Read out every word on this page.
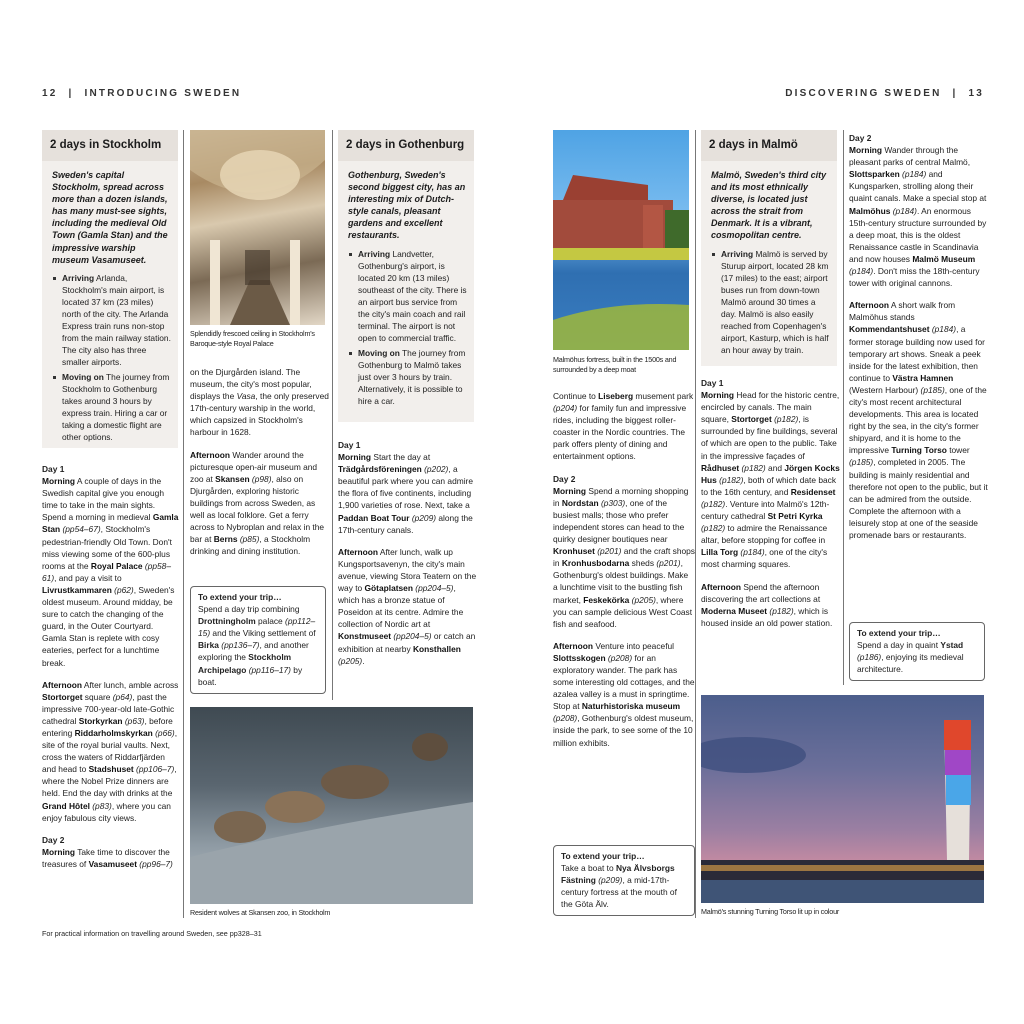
12 | INTRODUCING SWEDEN	DISCOVERING SWEDEN | 13
2 days in Stockholm
Sweden's capital Stockholm, spread across more than a dozen islands, has many must-see sights, including the medieval Old Town (Gamla Stan) and the impressive warship museum Vasamuseet.
Arriving Arlanda, Stockholm's main airport, is located 37 km (23 miles) north of the city. The Arlanda Express train runs non-stop from the main railway station. The city also has three smaller airports.
Moving on The journey from Stockholm to Gothenburg takes around 3 hours by express train. Hiring a car or taking a domestic flight are other options.

Day 1
Morning A couple of days in the Swedish capital give you enough time to take in the main sights. Spend a morning in medieval Gamla Stan (pp54–67), Stockholm's pedestrian-friendly Old Town. Don't miss viewing some of the 600-plus rooms at the Royal Palace (pp58–61), and pay a visit to Livrustkammaren (p62), Sweden's oldest museum. Around midday, be sure to catch the changing of the guard, in the Outer Courtyard. Gamla Stan is replete with cosy eateries, perfect for a lunchtime break.

Afternoon After lunch, amble across Stortorget square (p64), past the impressive 700-year-old late-Gothic cathedral Storkyrkan (p63), before entering Riddarholmskyrkan (p66), site of the royal burial vaults. Next, cross the waters of Riddarfjärden and head to Stadshuset (pp106–7), where the Nobel Prize dinners are held. End the day with drinks at the Grand Hôtel (p83), where you can enjoy fabulous city views.

Day 2
Morning Take time to discover the treasures of Vasamuseet (pp96–7)

Splendidly frescoed ceiling in Stockholm's Baroque-style Royal Palace

on the Djurgården island. The museum, the city's most popular, displays the Vasa, the only preserved 17th-century warship in the world, which capsized in Stockholm's harbour in 1628.

Afternoon Wander around the picturesque open-air museum and zoo at Skansen (p98), also on Djurgården, exploring historic buildings from across Sweden, as well as local folklore. Get a ferry across to Nybroplan and relax in the bar at Berns (p85), a Stockholm drinking and dining institution.

To extend your trip…
Spend a day trip combining Drottningholm palace (pp112–15) and the Viking settlement of Birka (pp136–7), and another exploring the Stockholm Archipelago (pp116–17) by boat.
2 days in Gothenburg
Gothenburg, Sweden's second biggest city, has an interesting mix of Dutch-style canals, pleasant gardens and excellent restaurants.
Arriving Landvetter, Gothenburg's airport, is located 20 km (13 miles) southeast of the city. There is an airport bus service from the city's main coach and rail terminal. The airport is not open to commercial traffic.
Moving on The journey from Gothenburg to Malmö takes just over 3 hours by train. Alternatively, it is possible to hire a car.

Day 1
Morning Start the day at Trädgårdsföreningen (p202), a beautiful park where you can admire the flora of five continents, including 1,900 varieties of rose. Next, take a Paddan Boat Tour (p209) along the 17th-century canals.

Afternoon After lunch, walk up Kungsportsavenyn, the city's main avenue, viewing Stora Teatern on the way to Götaplatsen (pp204–5), which has a bronze statue of Poseidon at its centre. Admire the collection of Nordic art at Konstmuseet (pp204–5) or catch an exhibition at nearby Konsthallen (p205).

Resident wolves at Skansen zoo, in Stockholm
For practical information on travelling around Sweden, see pp328–31
Malmöhus fortress, built in the 1500s and surrounded by a deep moat

Continue to Liseberg musement park (p204) for family fun and impressive rides, including the biggest roller-coaster in the Nordic countries. The park offers plenty of dining and entertainment options.

Day 2
Morning Spend a morning shopping in Nordstan (p303), one of the busiest malls; those who prefer independent stores can head to the quirky designer boutiques near Kronhuset (p201) and the craft shops in Kronhusbodarna sheds (p201), Gothenburg's oldest buildings. Make a lunchtime visit to the bustling fish market, Feskekörka (p205), where you can sample delicious West Coast fish and seafood.

Afternoon Venture into peaceful Slottsskogen (p208) for an exploratory wander. The park has some interesting old cottages, and the azalea valley is a must in springtime. Stop at Naturhistoriska museum (p208), Gothenburg's oldest museum, inside the park, to see some of the 10 million exhibits.

To extend your trip…
Take a boat to Nya Älvsborgs Fästning (p209), a mid-17th-century fortress at the mouth of the Göta Älv.
2 days in Malmö
Malmö, Sweden's third city and its most ethnically diverse, is located just across the strait from Denmark. It is a vibrant, cosmopolitan centre.
Arriving Malmö is served by Sturup airport, located 28 km (17 miles) to the east; airport buses run from down-town Malmö around 30 times a day. Malmö is also easily reached from Copenhagen's airport, Kasturp, which is half an hour away by train.

Day 1
Morning Head for the historic centre, encircled by canals. The main square, Stortorget (p182), is surrounded by fine buildings, several of which are open to the public. Take in the impressive façades of Rådhuset (p182) and Jörgen Kocks Hus (p182), both of which date back to the 16th century, and Residenset (p182). Venture into Malmö's 12th-century cathedral St Petri Kyrka (p182) to admire the Renaissance altar, before stopping for coffee in Lilla Torg (p184), one of the city's most charming squares.

Afternoon Spend the afternoon discovering the art collections at Moderna Museet (p182), which is housed inside an old power station.

Day 2
Morning Wander through the pleasant parks of central Malmö, Slottsparken (p184) and Kungsparken, strolling along their quaint canals. Make a special stop at Malmöhus (p184). An enormous 15th-century structure surrounded by a deep moat, this is the oldest Renaissance castle in Scandinavia and now houses Malmö Museum (p184). Don't miss the 18th-century tower with original cannons.

Afternoon A short walk from Malmöhus stands Kommendantshuset (p184), a former storage building now used for temporary art shows. Sneak a peek inside for the latest exhibition, then continue to Västra Hamnen (Western Harbour) (p185), one of the city's most recent architectural developments. This area is located right by the sea, in the city's former shipyard, and it is home to the impressive Turning Torso tower (p185), completed in 2005. The building is mainly residential and therefore not open to the public, but it can be admired from the outside. Complete the afternoon with a leisurely stop at one of the seaside promenade bars or restaurants.

To extend your trip…
Spend a day in quaint Ystad (p186), enjoying its medieval architecture.
Malmö's stunning Turning Torso lit up in colour
